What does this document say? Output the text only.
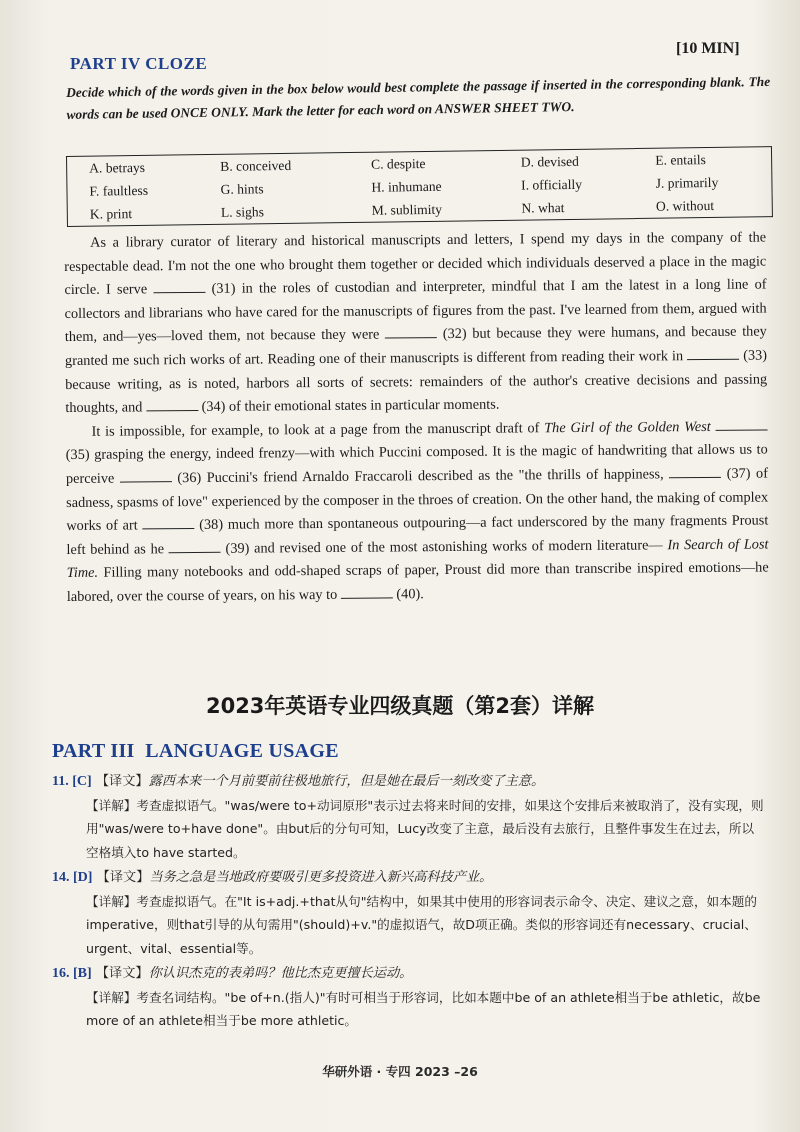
PART IV CLOZE
[10 MIN]
Decide which of the words given in the box below would best complete the passage if inserted in the corresponding blank. The words can be used ONCE ONLY. Mark the letter for each word on ANSWER SHEET TWO.
A. betrays	B. conceived	C. despite	D. devised	E. entails
F. faultless	G. hints	H. inhumane	I. officially	J. primarily
K. print	L. sighs	M. sublimity	N. what	O. without

As a library curator of literary and historical manuscripts and letters, I spend my days in the company of the respectable dead. I'm not the one who brought them together or decided which individuals deserved a place in the magic circle. I serve	(31) in the roles of custodian and interpreter, mindful that I am the latest in a long line of collectors and librarians who have cared for the manuscripts of figures from the past. I've learned from them, argued with them, and—yes—loved them, not because they were	(32) but because they were humans, and because they granted me such rich works of art. Reading one of their manuscripts is different from reading their work in	(33) because writing, as is noted, harbors all sorts of secrets: remainders of the author's creative decisions and passing thoughts, and	(34) of their emotional states in particular moments.

It is impossible, for example, to look at a page from the manuscript draft of The Girl of the Golden West  (35) grasping the energy, indeed frenzy—with which Puccini composed. It is the magic of handwriting that allows us to perceive	(36) Puccini's friend Arnaldo Fraccaroli described as the "the thrills of happiness,	(37) of sadness, spasms of love" experienced by the composer in the throes of creation. On the other hand, the making of complex works of art	(38) much more than spontaneous outpouring—a fact underscored by the many fragments Proust left behind as he	(39) and revised one of the most astonishing works of modern literature— In Search of Lost Time. Filling many notebooks and odd-shaped scraps of paper, Proust did more than transcribe inspired emotions—he labored, over the course of years, on his way to	(40).

2023年英语专业四级真题（第2套）详解
PART III  LANGUAGE USAGE
11. [C] 【译文】露西本来一个月前要前往极地旅行，但是她在最后一刻改变了主意。
【详解】考查虚拟语气。"was/were to+动词原形"表示过去将来时间的安排，如果这个安排后来被取消了，没有实现，则用"was/were to+have done"。由but后的分句可知，Lucy改变了主意，最后没有去旅行，且整件事发生在过去，所以空格填入to have started。
14. [D] 【译文】当务之急是当地政府要吸引更多投资进入新兴高科技产业。
【详解】考查虚拟语气。在"It is+adj.+that从句"结构中，如果其中使用的形容词表示命令、决定、建议之意，如本题的imperative，则that引导的从句需用"(should)+v."的虚拟语气，故D项正确。类似的形容词还有necessary、crucial、urgent、vital、essential等。
16. [B] 【译文】你认识杰克的表弟吗？他比杰克更擅长运动。
【详解】考查名词结构。"be of+n.(指人)"有时可相当于形容词，比如本题中be of an athlete相当于be athletic，故be more of an athlete相当于be more athletic。
华研外语 · 专四 2023 –26
